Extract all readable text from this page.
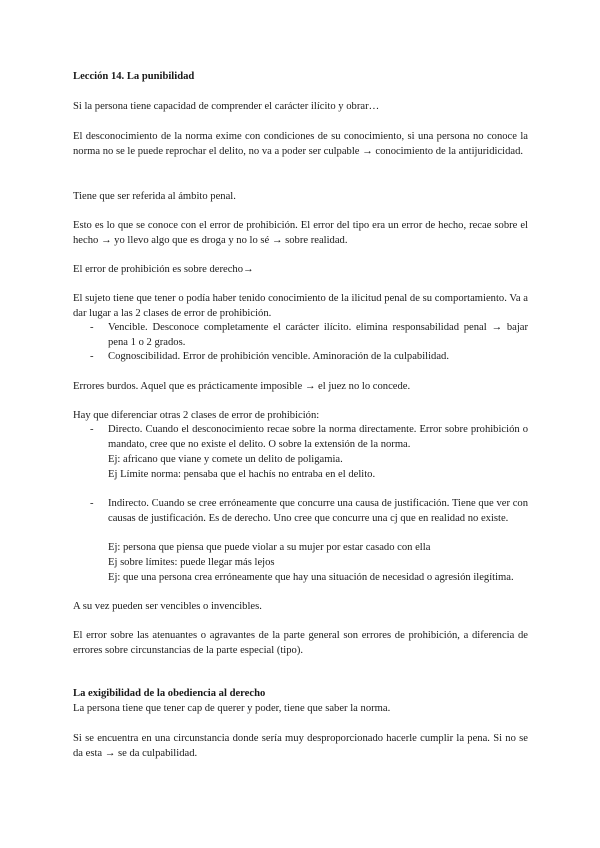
Lección 14. La punibilidad

Si la persona tiene capacidad de comprender el carácter ilícito y obrar…

El desconocimiento de la norma exime con condiciones de su conocimiento, si una persona no conoce la norma no se le puede reprochar el delito, no va a poder ser culpable → conocimiento de la antijuridicidad.

Tiene que ser referida al ámbito penal.

Esto es lo que se conoce con el error de prohibición. El error del tipo era un error de hecho, recae sobre el hecho → yo llevo algo que es droga y no lo sé → sobre realidad.

El error de prohibición es sobre derecho→

El sujeto tiene que tener o podía haber tenido conocimiento de la ilicitud penal de su comportamiento. Va a dar lugar a las 2 clases de error de prohibición.

-	Vencible. Desconoce completamente el carácter ilícito. elimina responsabilidad penal → bajar pena 1 o 2 grados.
-	Cognoscibilidad. Error de prohibición vencible. Aminoración de la culpabilidad.

Errores burdos. Aquel que es prácticamente imposible → el juez no lo concede.

Hay que diferenciar otras 2 clases de error de prohibición:

-	Directo. Cuando el desconocimiento recae sobre la norma directamente. Error sobre prohibición o mandato, cree que no existe el delito. O sobre la extensión de la norma.

Ej: africano que viane y comete un delito de poligamia.

Ej Límite norma: pensaba que el hachís no entraba en el delito.

-	Indirecto. Cuando se cree erróneamente que concurre una causa de justificación. Tiene que ver con causas de justificación. Es de derecho. Uno cree que concurre una cj que en realidad no existe.

Ej: persona que piensa que puede violar a su mujer por estar casado con ella

Ej sobre límites: puede llegar más lejos

Ej: que una persona crea erróneamente que hay una situación de necesidad o agresión ilegítima.

A su vez pueden ser vencibles o invencibles.

El error sobre las atenuantes o agravantes de la parte general son errores de prohibición, a diferencia de errores sobre circunstancias de la parte especial (tipo).

La exigibilidad de la obediencia al derecho

La persona tiene que tener cap de querer y poder, tiene que saber la norma.

Si se encuentra en una circunstancia donde sería muy desproporcionado hacerle cumplir la pena. Si no se da esta → se da culpabilidad.
